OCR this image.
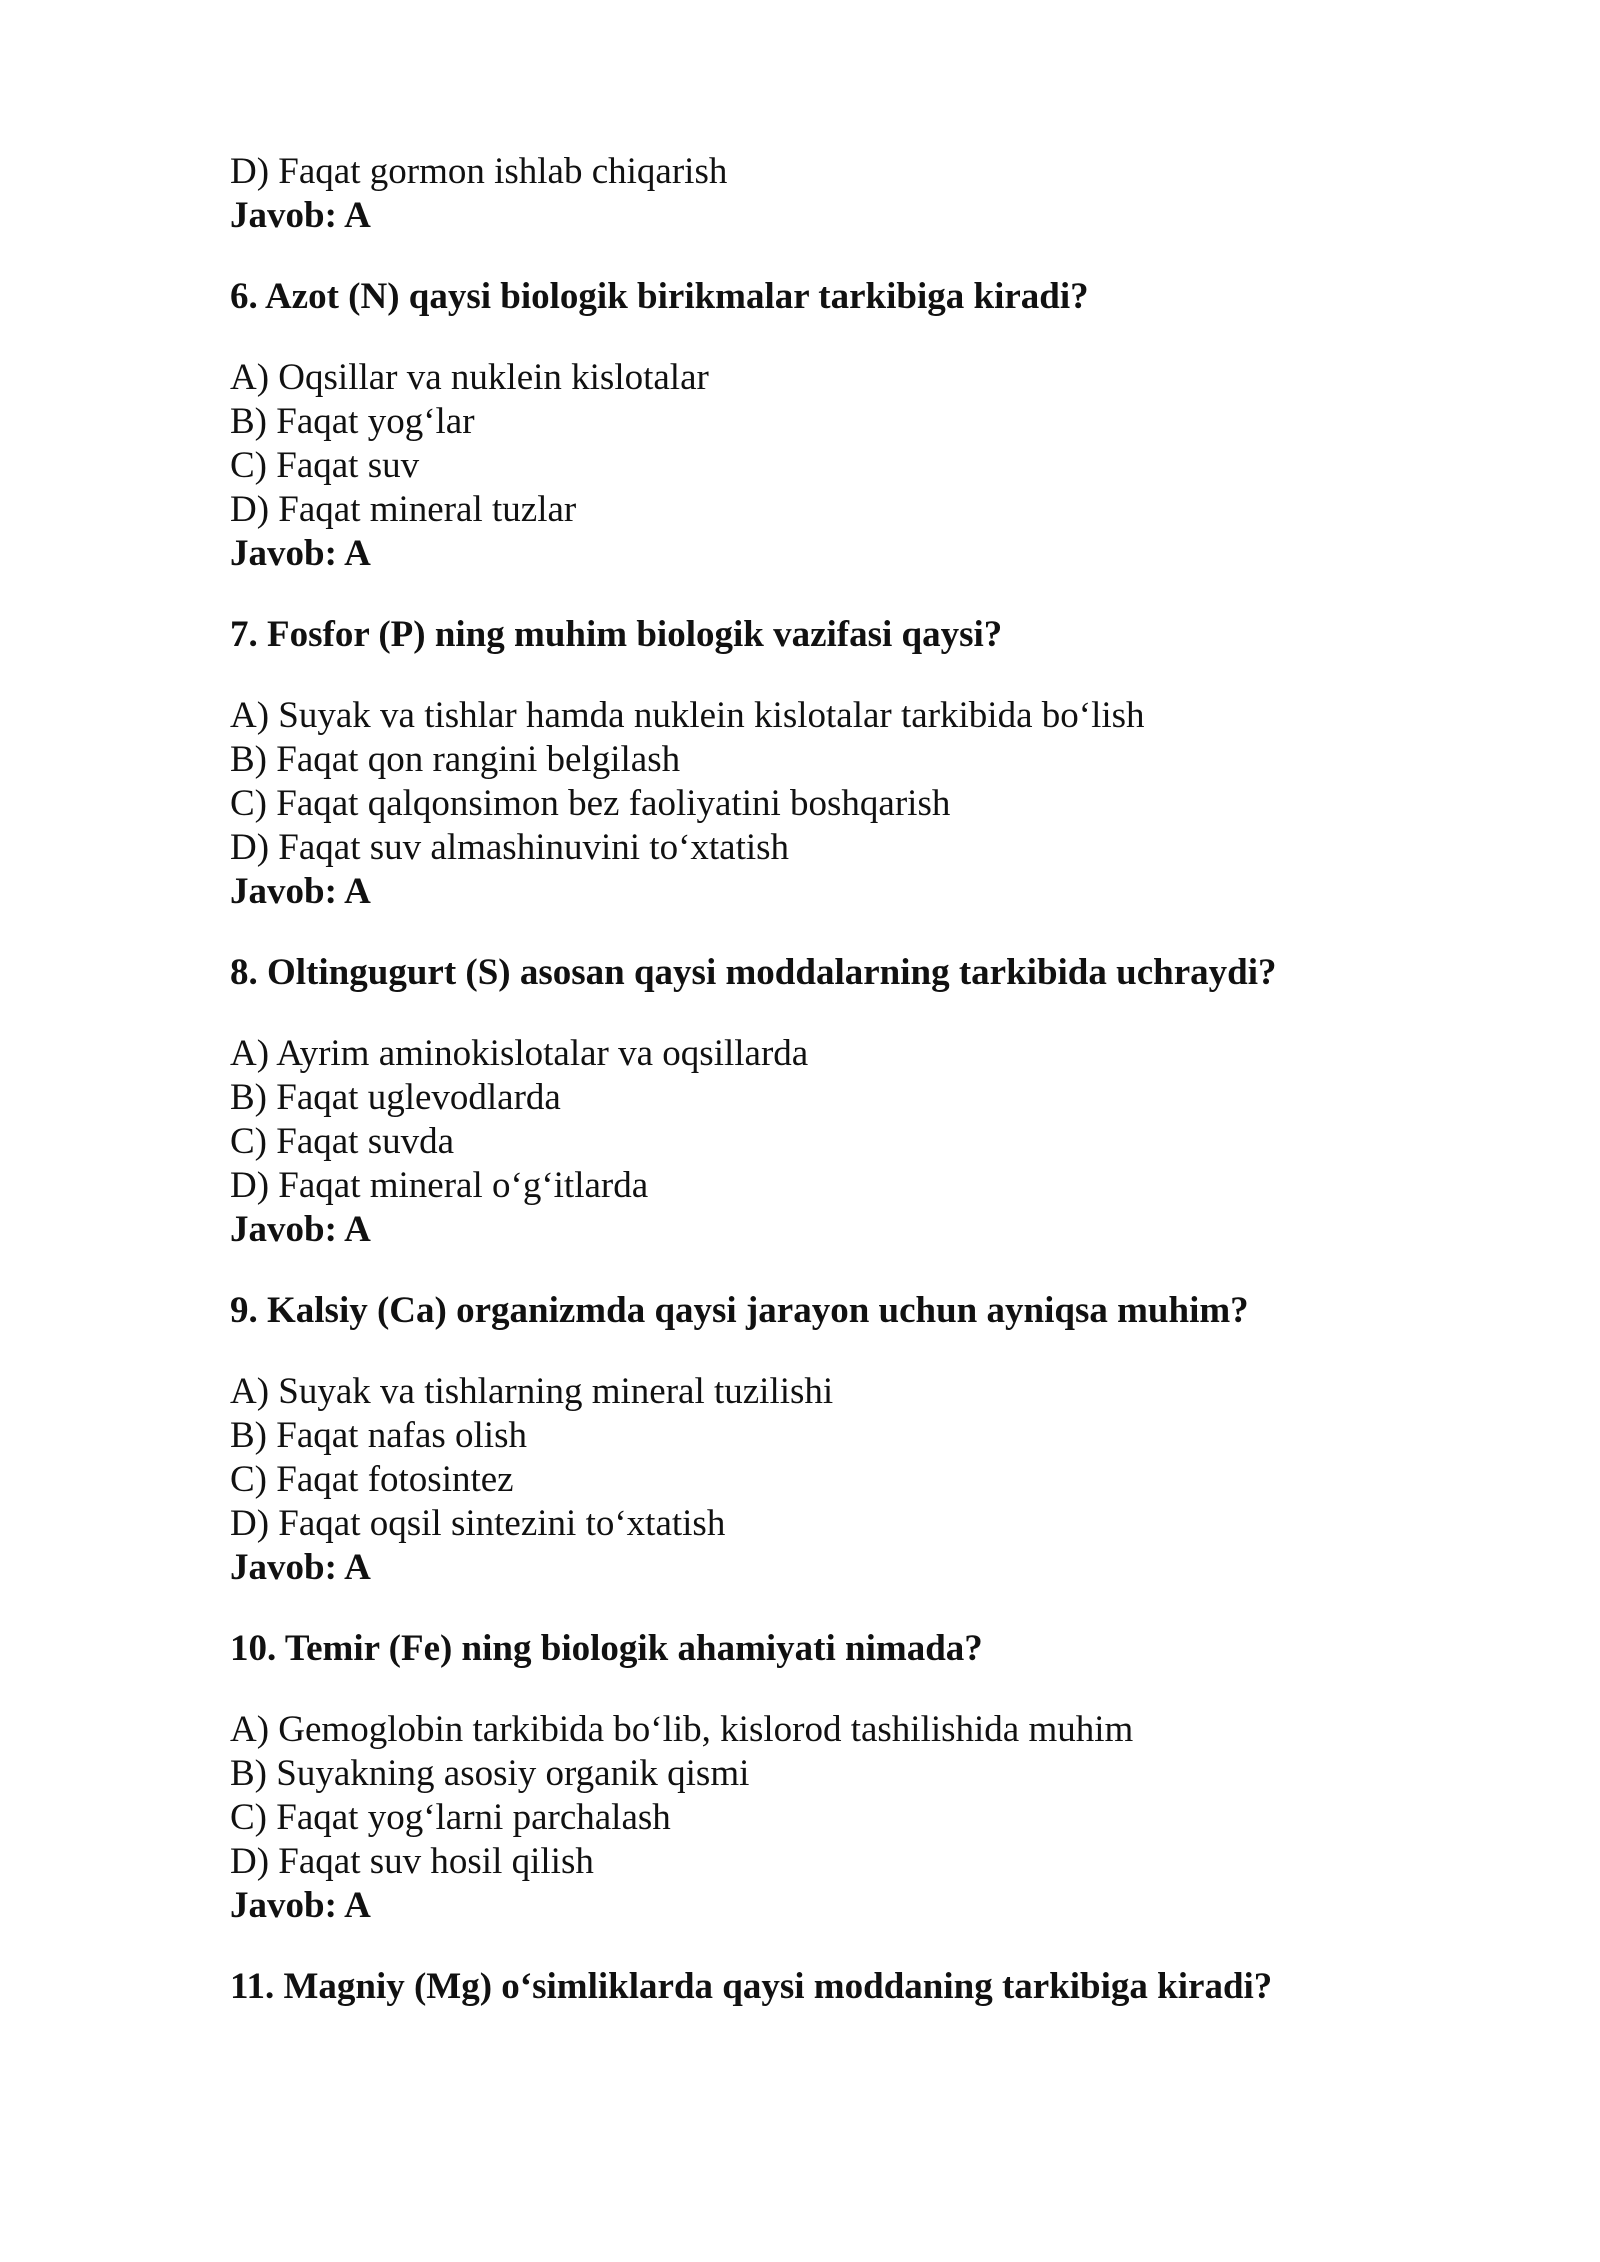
D) Faqat gormon ishlab chiqarish
Javob: A
6. Azot (N) qaysi biologik birikmalar tarkibiga kiradi?
A) Oqsillar va nuklein kislotalar
B) Faqat yog‘lar
C) Faqat suv
D) Faqat mineral tuzlar
Javob: A
7. Fosfor (P) ning muhim biologik vazifasi qaysi?
A) Suyak va tishlar hamda nuklein kislotalar tarkibida bo‘lish
B) Faqat qon rangini belgilash
C) Faqat qalqonsimon bez faoliyatini boshqarish
D) Faqat suv almashinuvini to‘xtatish
Javob: A
8. Oltingugurt (S) asosan qaysi moddalarning tarkibida uchraydi?
A) Ayrim aminokislotalar va oqsillarda
B) Faqat uglevodlarda
C) Faqat suvda
D) Faqat mineral o‘g‘itlarda
Javob: A
9. Kalsiy (Ca) organizmda qaysi jarayon uchun ayniqsa muhim?
A) Suyak va tishlarning mineral tuzilishi
B) Faqat nafas olish
C) Faqat fotosintez
D) Faqat oqsil sintezini to‘xtatish
Javob: A
10. Temir (Fe) ning biologik ahamiyati nimada?
A) Gemoglobin tarkibida bo‘lib, kislorod tashilishida muhim
B) Suyakning asosiy organik qismi
C) Faqat yog‘larni parchalash
D) Faqat suv hosil qilish
Javob: A
11. Magniy (Mg) o‘simliklarda qaysi moddaning tarkibiga kiradi?
